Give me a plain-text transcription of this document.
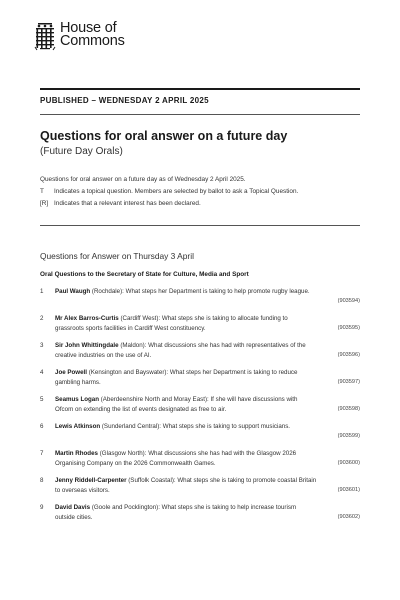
House of
Commons
PUBLISHED – WEDNESDAY 2 APRIL 2025
Questions for oral answer on a future day
(Future Day Orals)
Questions for oral answer on a future day as of Wednesday 2 April 2025.
T	Indicates a topical question. Members are selected by ballot to ask a Topical Question.
[R] Indicates that a relevant interest has been declared.
Questions for Answer on Thursday 3 April
Oral Questions to the Secretary of State for Culture, Media and Sport
1 Paul Waugh (Rochdale): What steps her Department is taking to help promote rugby league.
(903594)
2 Mr Alex Barros-Curtis (Cardiff West): What steps she is taking to allocate funding to grassroots sports facilities in Cardiff West constituency.	(903595)
3 Sir John Whittingdale (Maldon): What discussions she has had with representatives of the creative industries on the use of AI.	(903596)
4 Joe Powell (Kensington and Bayswater): What steps her Department is taking to reduce gambling harms.	(903597)
5 Seamus Logan (Aberdeenshire North and Moray East): If she will have discussions with Ofcom on extending the list of events designated as free to air.	(903598)
6 Lewis Atkinson (Sunderland Central): What steps she is taking to support musicians.
(903599)
7 Martin Rhodes (Glasgow North): What discussions she has had with the Glasgow 2026 Organising Company on the 2026 Commonwealth Games.	(903600)
8 Jenny Riddell-Carpenter (Suffolk Coastal): What steps she is taking to promote coastal Britain to overseas visitors.	(903601)
9 David Davis (Goole and Pocklington): What steps she is taking to help increase tourism outside cities.	(903602)
